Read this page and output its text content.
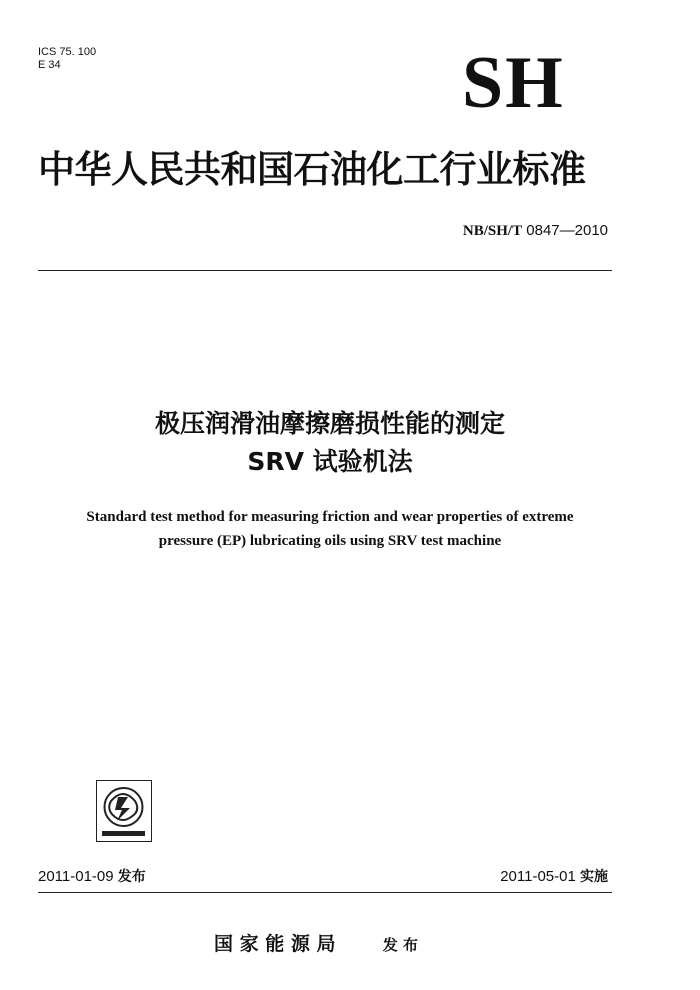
ICS 75. 100
E 34	SH
中华人民共和国石油化工行业标准
NB/SH/T 0847—2010
极压润滑油摩擦磨损性能的测定
SRV 试验机法
Standard test method for measuring friction and wear properties of extreme
pressure (EP) lubricating oils using SRV test machine
2011-01-09 发布	2011-05-01 实施
国 家 能 源 局	发 布
